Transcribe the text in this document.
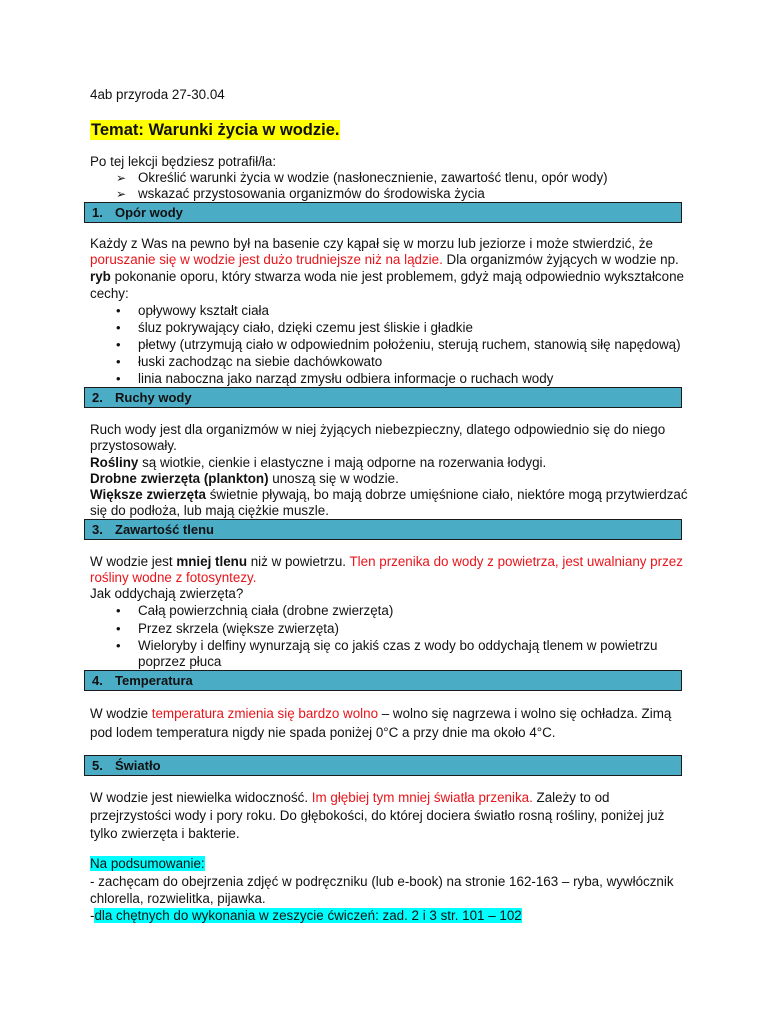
4ab przyroda 27-30.04
Temat: Warunki życia w wodzie.
Po tej lekcji będziesz potrafił/ła:
➢ Określić warunki życia w wodzie (nasłonecznienie, zawartość tlenu, opór wody)
➢ wskazać przystosowania organizmów do środowiska życia
1. Opór wody
Każdy z Was na pewno był na basenie czy kąpał się w morzu lub jeziorze i może stwierdzić, że
poruszanie się w wodzie jest dużo trudniejsze niż na lądzie. Dla organizmów żyjących w wodzie np.
ryb pokonanie oporu, który stwarza woda nie jest problemem, gdyż mają odpowiednio wykształcone
cechy:
• opływowy kształt ciała
• śluz pokrywający ciało, dzięki czemu jest śliskie i gładkie
• płetwy (utrzymują ciało w odpowiednim położeniu, sterują ruchem, stanowią siłę napędową)
• łuski zachodząc na siebie dachówkowato
• linia naboczna jako narząd zmysłu odbiera informacje o ruchach wody
2. Ruchy wody
Ruch wody jest dla organizmów w niej żyjących niebezpieczny, dlatego odpowiednio się do niego
przystosowały.
Rośliny są wiotkie, cienkie i elastyczne i mają odporne na rozerwania łodygi.
Drobne zwierzęta (plankton) unoszą się w wodzie.
Większe zwierzęta świetnie pływają, bo mają dobrze umięśnione ciało, niektóre mogą przytwierdzać
się do podłoża, lub mają ciężkie muszle.
3. Zawartość tlenu
W wodzie jest mniej tlenu niż w powietrzu. Tlen przenika do wody z powietrza, jest uwalniany przez
rośliny wodne z fotosyntezy.
Jak oddychają zwierzęta?
• Całą powierzchnią ciała (drobne zwierzęta)
• Przez skrzela (większe zwierzęta)
• Wieloryby i delfiny wynurzają się co jakiś czas z wody bo oddychają tlenem w powietrzu
poprzez płuca
4. Temperatura
W wodzie temperatura zmienia się bardzo wolno – wolno się nagrzewa i wolno się ochładza. Zimą
pod lodem temperatura nigdy nie spada poniżej 0°C a przy dnie ma około 4°C.
5. Światło
W wodzie jest niewielka widoczność. Im głębiej tym mniej światła przenika. Zależy to od
przejrzystości wody i pory roku. Do głębokości, do której dociera światło rosną rośliny, poniżej już
tylko zwierzęta i bakterie.
Na podsumowanie:
- zachęcam do obejrzenia zdjęć w podręczniku (lub e-book) na stronie 162-163 – ryba, wywłócznik
chlorella, rozwielitka, pijawka.
-dla chętnych do wykonania w zeszycie ćwiczeń: zad. 2 i 3 str. 101 – 102
